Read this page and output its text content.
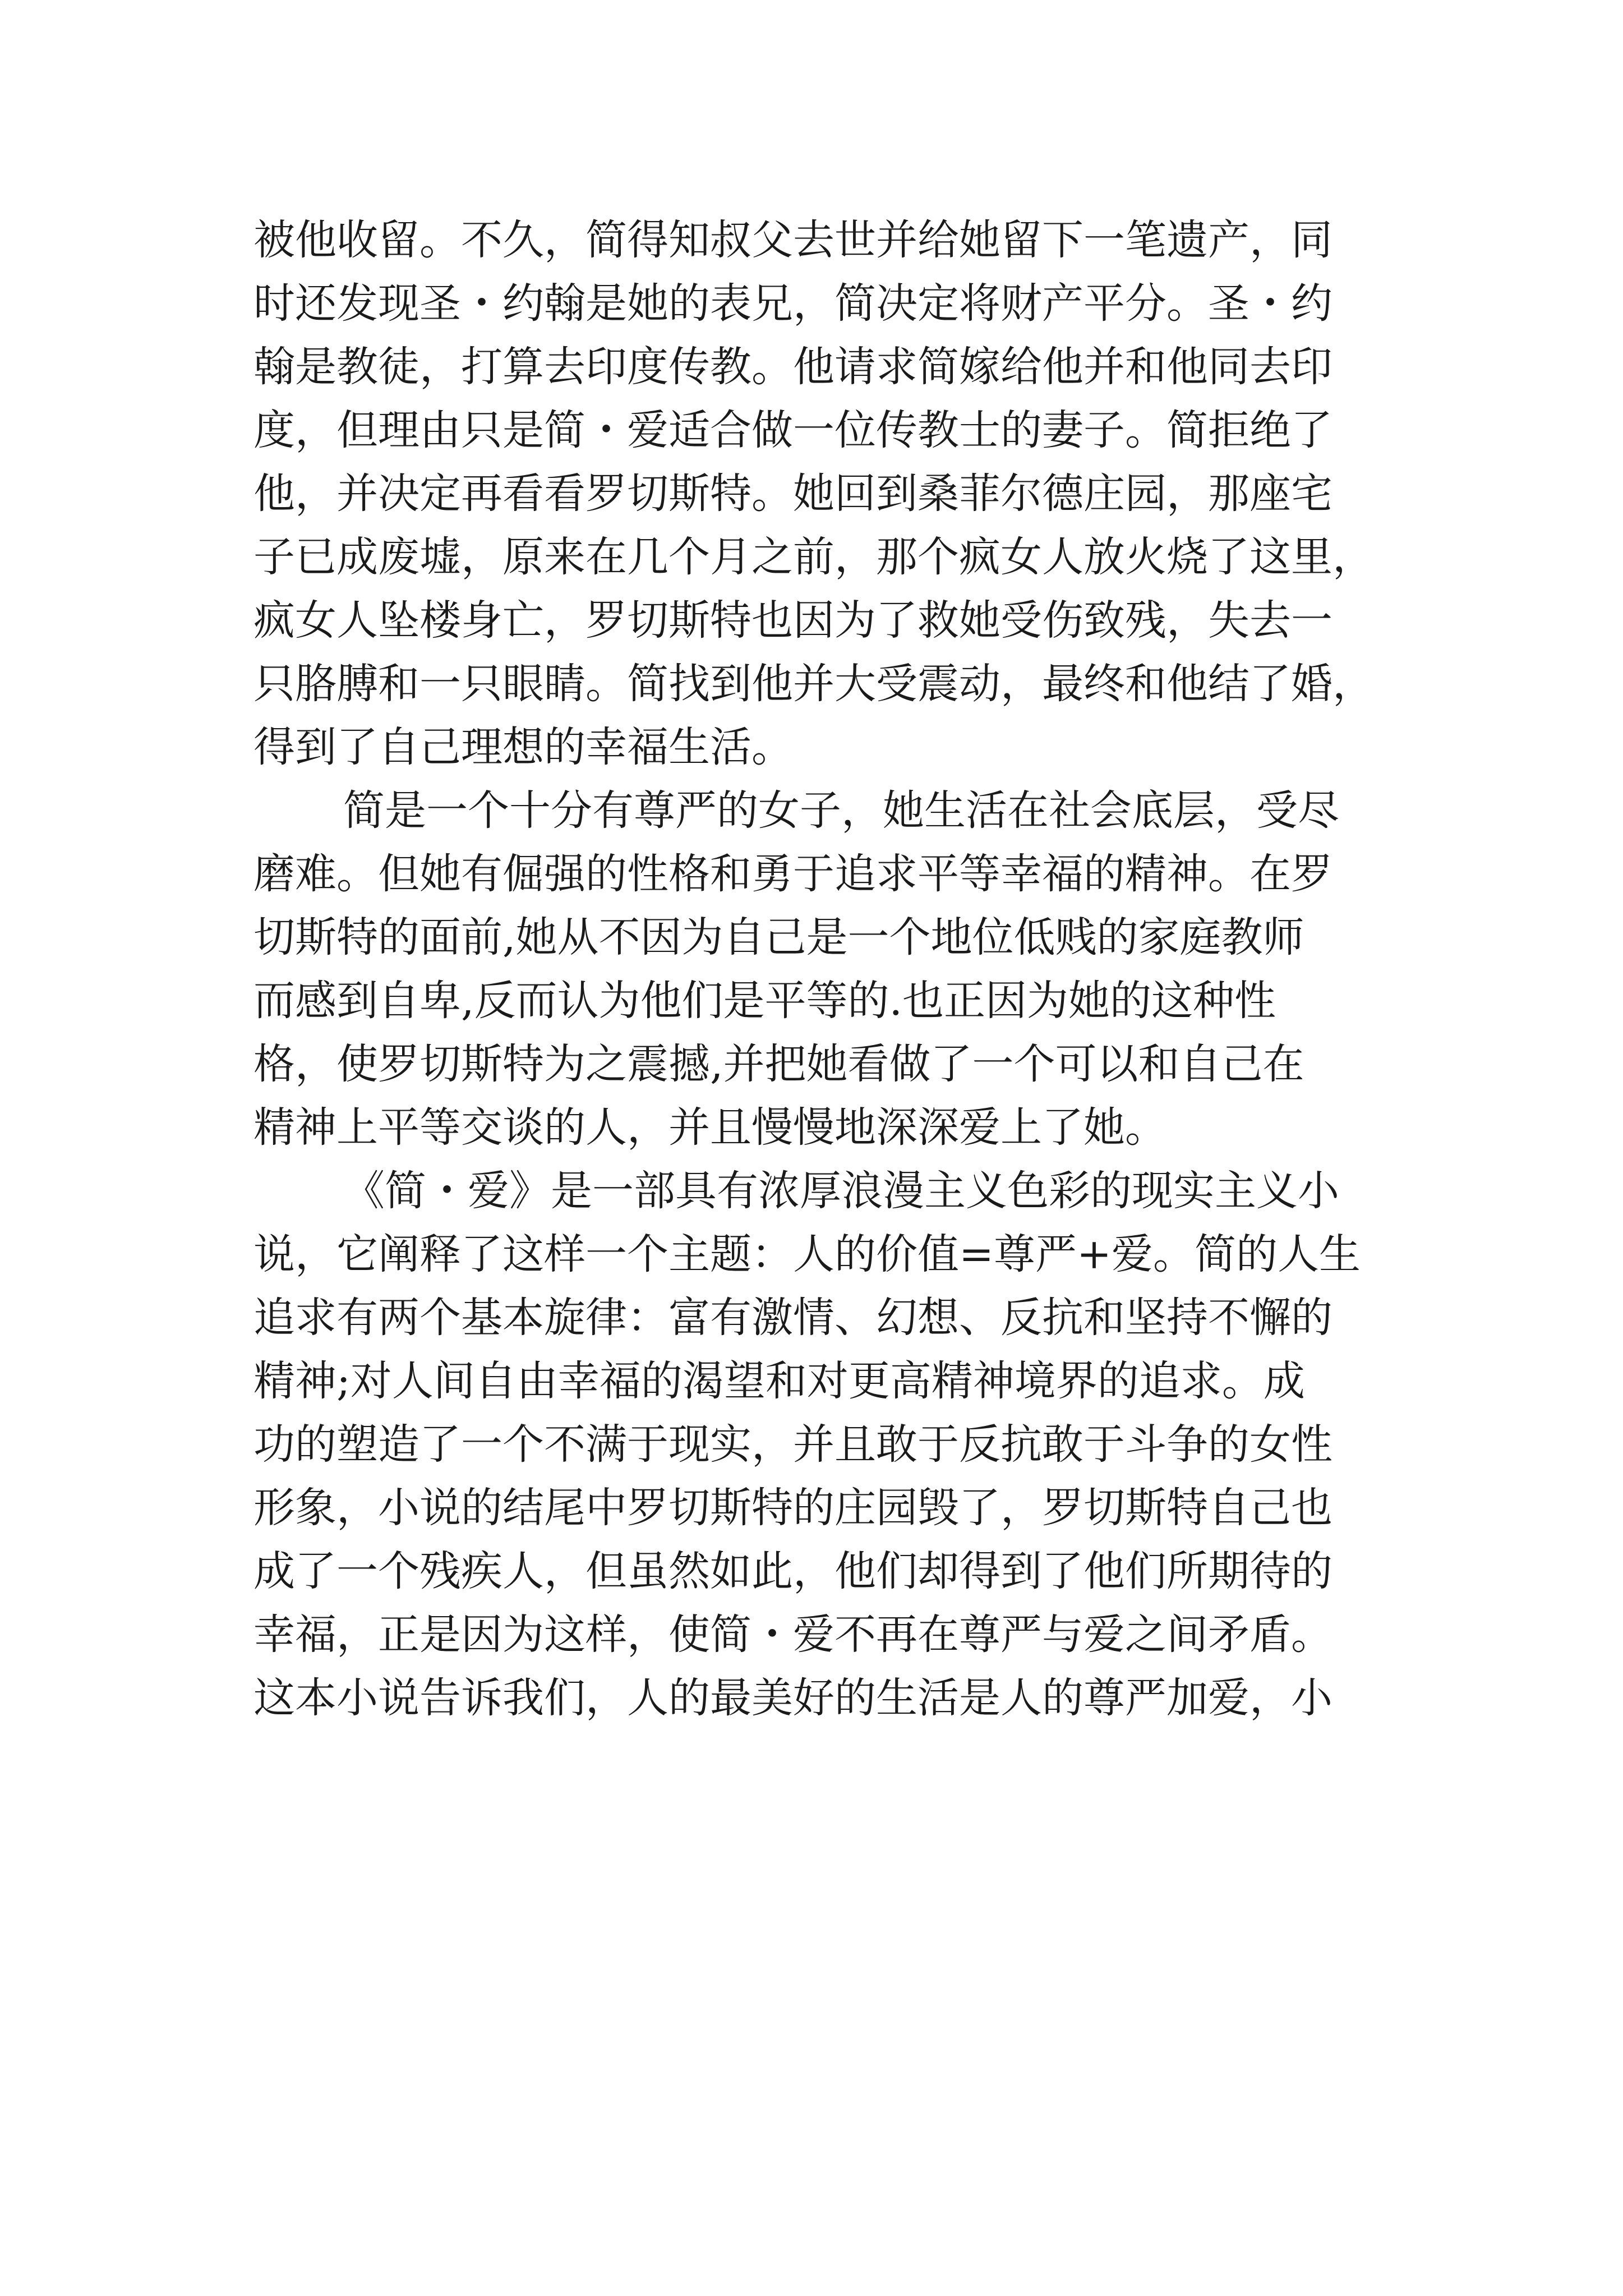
被他收留。不久，简得知叔父去世并给她留下一笔遗产，同
时还发现圣・约翰是她的表兄，简决定将财产平分。圣・约
翰是教徒，打算去印度传教。他请求简嫁给他并和他同去印
度，但理由只是简・爱适合做一位传教士的妻子。简拒绝了
他，并决定再看看罗切斯特。她回到桑菲尔德庄园，那座宅
子已成废墟，原来在几个月之前，那个疯女人放火烧了这里，
疯女人坠楼身亡，罗切斯特也因为了救她受伤致残，失去一
只胳膊和一只眼睛。简找到他并大受震动，最终和他结了婚，
得到了自己理想的幸福生活。
简是一个十分有尊严的女子，她生活在社会底层，受尽
磨难。但她有倔强的性格和勇于追求平等幸福的精神。在罗
切斯特的面前,她从不因为自己是一个地位低贱的家庭教师
而感到自卑,反而认为他们是平等的.也正因为她的这种性
格，使罗切斯特为之震撼,并把她看做了一个可以和自己在
精神上平等交谈的人，并且慢慢地深深爱上了她。
《简・爱》是一部具有浓厚浪漫主义色彩的现实主义小
说，它阐释了这样一个主题：人的价值=尊严+爱。简的人生
追求有两个基本旋律：富有激情、幻想、反抗和坚持不懈的
精神;对人间自由幸福的渴望和对更高精神境界的追求。成
功的塑造了一个不满于现实，并且敢于反抗敢于斗争的女性
形象，小说的结尾中罗切斯特的庄园毁了，罗切斯特自己也
成了一个残疾人，但虽然如此，他们却得到了他们所期待的
幸福，正是因为这样，使简・爱不再在尊严与爱之间矛盾。
这本小说告诉我们，人的最美好的生活是人的尊严加爱，小
